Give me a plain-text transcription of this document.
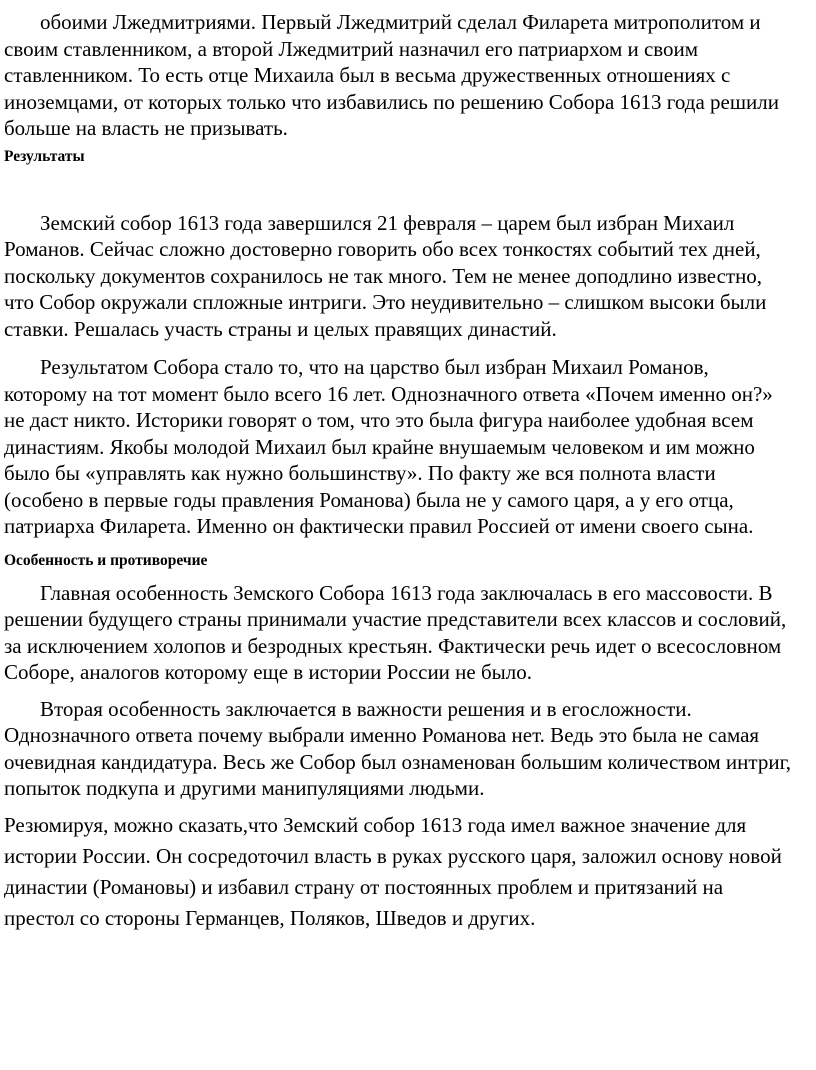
обоими Лжедмитриями. Первый Лжедмитрий сделал Филарета митрополитом и своим ставленником, а второй Лжедмитрий назначил его патриархом и своим ставленником. То есть отце Михаила был в весьма дружественных отношениях с иноземцами, от которых только что избавились по решению Собора 1613 года решили больше на власть не призывать.

Результаты

Земский собор 1613 года завершился 21 февраля – царем был избран Михаил Романов. Сейчас сложно достоверно говорить обо всех тонкостях событий тех дней, поскольку документов сохранилось не так много. Тем не менее доподлино известно, что Собор окружали спложные интриги. Это неудивительно – слишком высоки были ставки. Решалась участь страны и целых правящих династий.

Результатом Собора стало то, что на царство был избран Михаил Романов, которому на тот момент было всего 16 лет. Однозначного ответа «Почем именно он?» не даст никто. Историки говорят о том, что это была фигура наиболее удобная всем династиям. Якобы молодой Михаил был крайне внушаемым человеком и им можно было бы «управлять как нужно большинству». По факту же вся полнота власти (особено в первые годы правления Романова) была не у самого царя, а у его отца, патриарха Филарета. Именно он фактически правил Россией от имени своего сына.

Особенность и противоречие

Главная особенность Земского Собора 1613 года заключалась в его массовости. В решении будущего страны принимали участие представители всех классов и сословий, за исключением холопов и безродных крестьян. Фактически речь идет о всесословном Соборе, аналогов которому еще в истории России не было.

Вторая особенность заключается в важности решения и в егосложности. Однозначного ответа почему выбрали именно Романова нет. Ведь это была не самая очевидная кандидатура. Весь же Собор был ознаменован большим количеством интриг, попыток подкупа и другими манипуляциями людьми.

Резюмируя, можно сказать,что Земский собор 1613 года имел важное значение для истории России. Он сосредоточил власть в руках русского царя, заложил основу новой династии (Романовы) и избавил страну от постоянных проблем и притязаний на престол со стороны Германцев, Поляков, Шведов и других.
